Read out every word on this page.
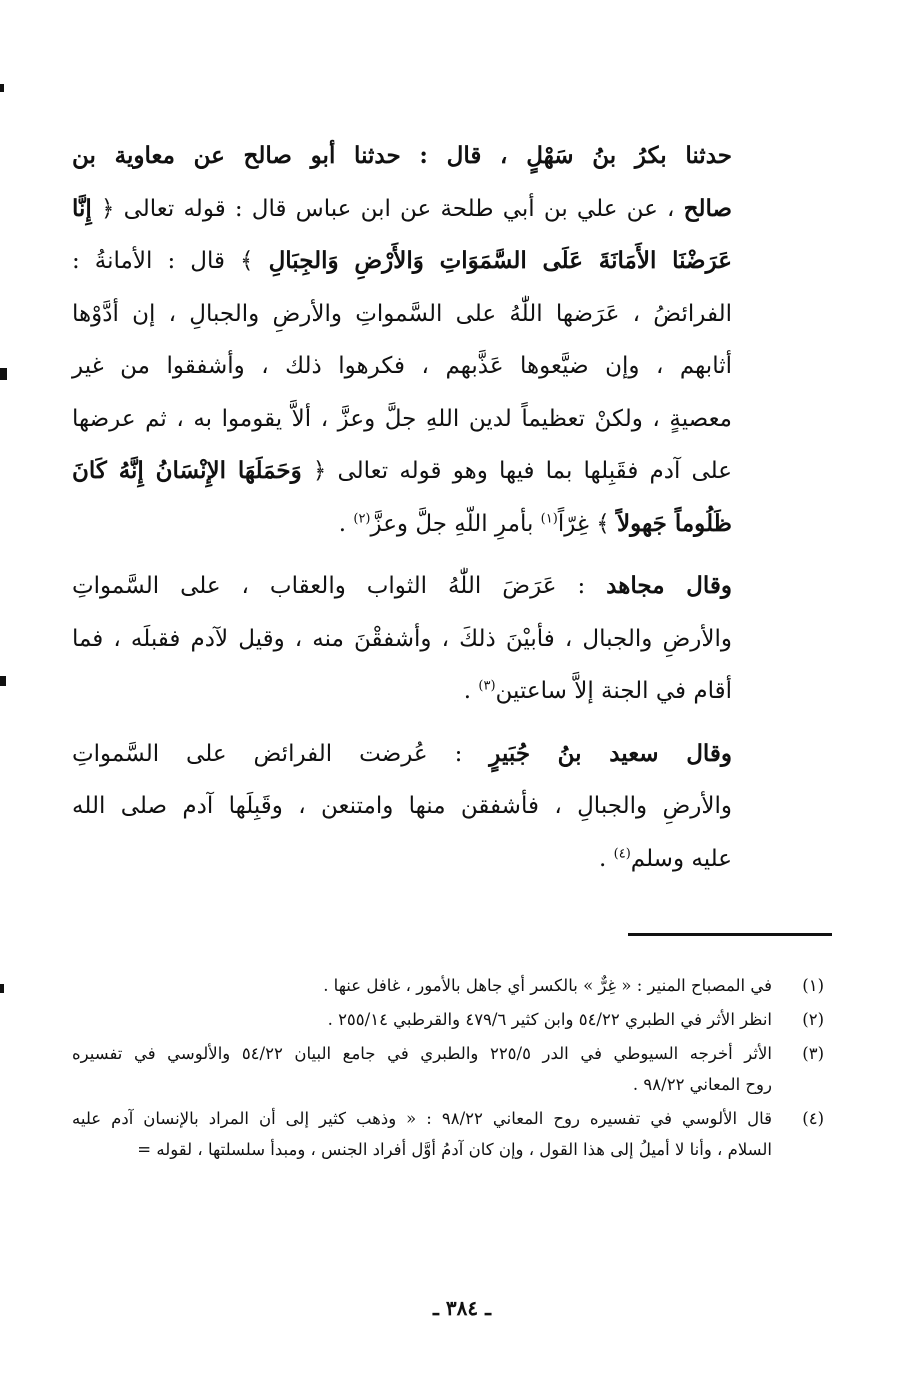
حدثنا بكرُ بنُ سَهْلٍ ، قال : حدثنا أبو صالح عن معاوية بن
صالح ، عن علي بن أبي طلحة عن ابن عباس قال : قوله تعالى ﴿ إِنَّا
عَرَضْنَا الأَمَانَةَ عَلَى السَّمَوَاتِ وَالأَرْضِ وَالجِبَالِ ﴾ قال : الأمانةُ :
الفرائضُ ، عَرَضها اللّٰهُ على السَّمواتِ والأرضِ والجبالِ ، إن أدَّوْها
أثابهم ، وإن ضيَّعوها عَذَّبهم ، فكرهوا ذلك ، وأشفقوا من غير
معصيةٍ ، ولكنْ تعظيماً لدين اللهِ جلَّ وعزَّ ، ألاَّ يقوموا به ، ثم عرضها
على آدم فقَبِلها بما فيها وهو قوله تعالى ﴿ وَحَمَلَهَا الإِنْسَانُ إِنَّهُ كَانَ
ظَلُوماً جَهولاً ﴾ غِرّاً$^{(١)}$ بأمرِ اللّهِ جلَّ وعزَّ$^{(٢)}$ .
وقال مجاهد : عَرَضَ اللّٰهُ الثواب والعقاب ، على السَّمواتِ
والأرضِ والجبال ، فأبيْنَ ذلكَ ، وأشفقْنَ منه ، وقيل لآدم فقبلَه ، فما
أقام في الجنة إلاَّ ساعتين$^{(٣)}$ .
وقال سعيد بنُ جُبَيرٍ : عُرضت الفرائض على السَّمواتِ
والأرضِ والجبالِ ، فأشفقن منها وامتنعن ، وقَبِلَها آدم صلى الله
عليه وسلم$^{(٤)}$ .
(١)
في المصباح المنير : « غِرٌّ » بالكسر أي جاهل بالأمور ، غافل عنها .
(٢)
انظر الأثر في الطبري ٥٤/٢٢ وابن كثير ٤٧٩/٦ والقرطبي ٢٥٥/١٤ .
(٣)
الأثر أخرجه السيوطي في الدر ٢٢٥/٥ والطبري في جامع البيان ٥٤/٢٢ والألوسي في تفسيره
روح المعاني ٩٨/٢٢ .
(٤)
قال الألوسي في تفسيره روح المعاني ٩٨/٢٢ : « وذهب كثير إلى أن المراد بالإنسان آدم عليه
السلام ، وأنا لا أميلُ إلى هذا القول ، وإن كان آدمُ أوَّل أفراد الجنس ، ومبدأ سلسلتها ، لقوله =
ـ ٣٨٤ ـ
